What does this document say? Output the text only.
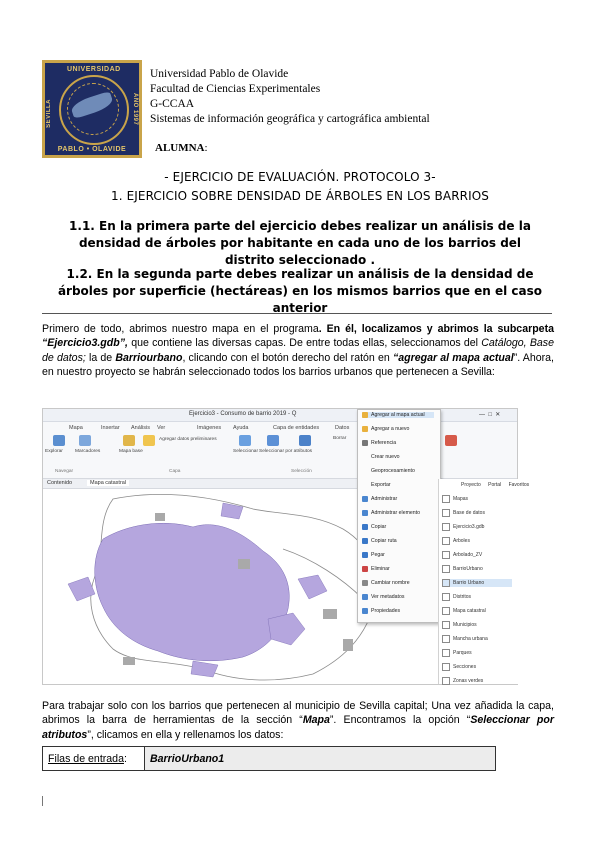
UNIVERSIDAD
SEVILLA	AÑO 1997
PABLO • OLAVIDE
Universidad Pablo de Olavide
Facultad de Ciencias Experimentales
G-CCAA
Sistemas de información geográfica y cartográfica ambiental
ALUMNA:
- EJERCICIO DE EVALUACIÓN. PROTOCOLO 3-
1. EJERCICIO SOBRE DENSIDAD DE ÁRBOLES EN LOS BARRIOS
1.1. En la primera parte del ejercicio debes realizar un análisis de la densidad de árboles por habitante en cada uno de los barrios del distrito seleccionado .
1.2. En la segunda parte debes realizar un análisis de la densidad de árboles por superficie (hectáreas) en los mismos barrios que en el caso anterior
Primero de todo, abrimos nuestro mapa en el programa. En él, localizamos y abrimos la subcarpeta “Ejercicio3.gdb”, que contiene las diversas capas. De entre todas ellas, seleccionamos del Catálogo, Base de datos; la de Barriourbano, clicando con el botón derecho del ratón en “agregar al mapa actual”. Ahora, en nuestro proyecto se habrán seleccionado todos los barrios urbanos que pertenecen a Sevilla:
Ejercicio3 - Consumo de barrio 2019 - Q	—  □  ✕
Mapa	Insertar Análisis Ver	Imágenes Ayuda	Capa de entidades	Datos
Explorar	Marcadores	Mapa base
Agregar datos preliminares
Seleccionar Seleccionar por atributos
Borrar
Navegar	Capa	Selección
Contenido	Mapa catastral
Agregar al mapa actual
Agregar a nuevo
Referencia
Crear nuevo
Geoprocesamiento
Exportar
Administrar
Administrar elemento
Copiar
Copiar ruta
Pegar
Eliminar
Cambiar nombre
Ver metadatos
Propiedades
Proyecto
Portal
Favoritos
Mapas
Base de datos
Ejercicio3.gdb
Arboles
Arbolado_ZV
BarrioUrbano
Barrio Urbano
Distritos
Mapa catastral
Municipios
Mancha urbana
Parques
Secciones
Zonas verdes
Para trabajar solo con los barrios que pertenecen al municipio de Sevilla capital; Una vez añadida la capa, abrimos la barra de herramientas de la sección “Mapa”. Encontramos la opción “Seleccionar por atributos”, clicamos en ella y rellenamos los datos:
Filas de entrada:	BarrioUrbano1
